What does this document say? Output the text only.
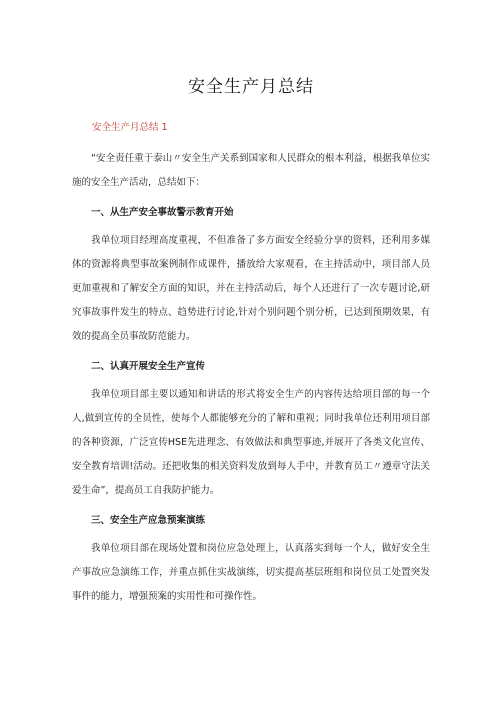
安全生产月总结
安全生产月总结 1

“安全责任重于泰山〃安全生产关系到国家和人民群众的根本利益，根据我单位实施的安全生产活动，总结如下：

一、从生产安全事故警示教育开始

我单位项目经理高度重视，不但准备了多方面安全经验分享的资料，还利用多媒体的资源将典型事故案例制作成课件，播放给大家观看，在主持活动中，项目部人员更加重视和了解安全方面的知识，并在主持活动后，每个人还进行了一次专题讨论,研究事故事件发生的特点、趋势进行讨论,针对个别问题个别分析，已达到预期效果，有效的提高全员事故防范能力。

二、认真开展安全生产宣传

我单位项目部主要以通知和讲话的形式将安全生产的内容传达给项目部的每一个人,做到宣传的全员性，使每个人都能够充分的了解和重视；同时我单位还利用项目部的各种资源，广泛宣传HSE先进理念、有效做法和典型事迹,并展开了各类文化宣传、安全教育培训!活动。还把收集的相关资料发放到每人手中，并教育员工〃遵章守法关爱生命”，提高员工自我防护能力。

三、安全生产应急预案演练

我单位项目部在现场处置和岗位应急处理上，认真落实到每一个人，做好安全生产事故应急演练工作，并重点抓住实战演练，切实提高基层班组和岗位员工处置突发事件的能力，增强预案的实用性和可操作性。
